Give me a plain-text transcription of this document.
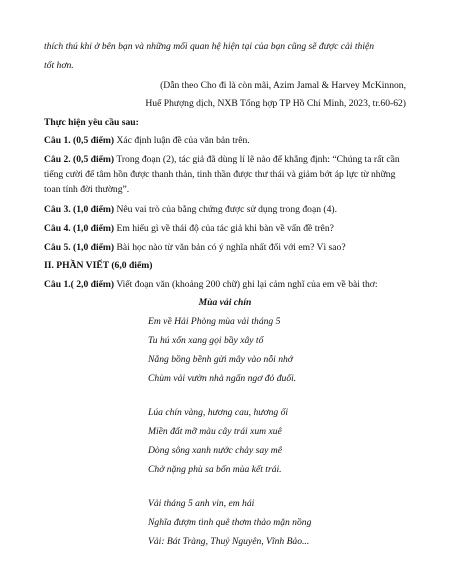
thích thú khi ở bên bạn và những mối quan hệ hiện tại của bạn cũng sẽ được cải thiện
tốt hơn.
(Dẫn theo Cho đi là còn mãi, Azim Jamal & Harvey McKinnon,
Huế Phượng dịch, NXB Tổng hợp TP Hồ Chí Minh, 2023, tr.60-62)
Thực hiện yêu cầu sau:
Câu 1. (0,5 điểm) Xác định luận đề của văn bản trên.
Câu 2. (0,5 điểm) Trong đoạn (2), tác giả đã dùng lí lẽ nào để khẳng định: “Chúng ta rất cần tiếng cười để tâm hồn được thanh thản, tinh thần được thư thái và giảm bớt áp lực từ những toan tính đời thường”.
Câu 3. (1,0 điểm) Nêu vai trò của bằng chứng được sử dụng trong đoạn (4).
Câu 4. (1,0 điểm) Em hiểu gì về thái độ của tác giả khi bàn về vấn đề trên?
Câu 5. (1,0 điểm) Bài học nào từ văn bản có ý nghĩa nhất đối với em? Vì sao?
II. PHẦN VIẾT (6,0 điểm)
Câu 1.( 2,0 điểm) Viết đoạn văn (khoảng 200 chữ) ghi lại cảm nghĩ của em về bài thơ:
Mùa vải chín
Em về Hải Phòng mùa vải tháng 5
Tu hú xốn xang gọi bầy xây tổ
Nắng bồng bềnh gửi mây vào nỗi nhớ
Chùm vải vườn nhà ngẩn ngơ đỏ đuối.
Lúa chín vàng, hương cau, hương ổi
Miền đất mỡ màu cây trái xum xuê
Dòng sông xanh nước chảy say mê
Chở nặng phù sa bốn mùa kết trái.
Vải tháng 5 anh vin, em hái
Nghĩa đượm tình quê thơm thảo mặn nồng
Vải: Bát Tràng, Thuỷ Nguyên, Vĩnh Bảo...
